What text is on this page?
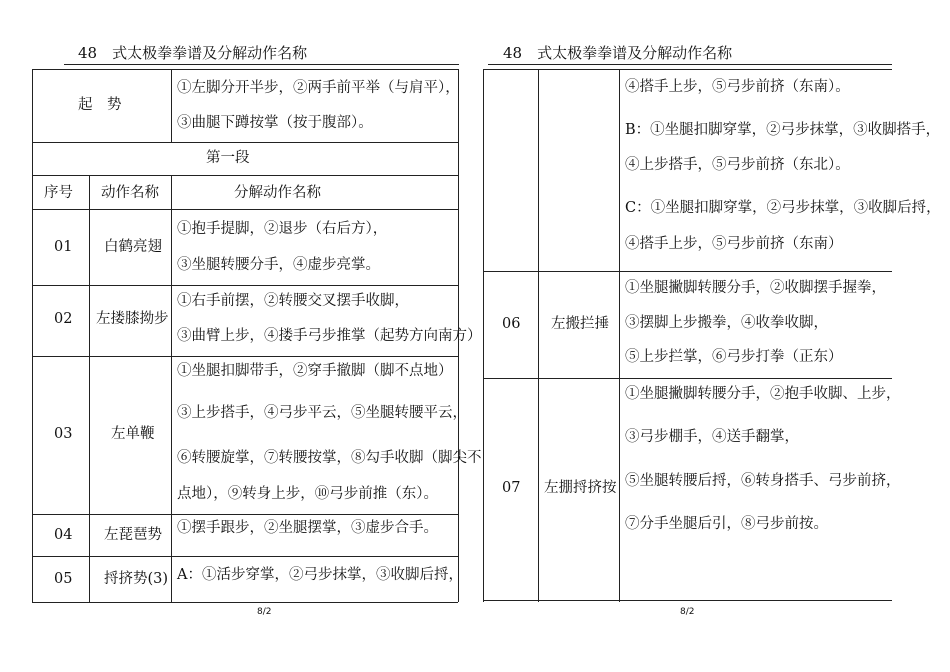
48　式太极拳拳谱及分解动作名称
起　势
①左脚分开半步，②两手前平举（与肩平），
③曲腿下蹲按掌（按于腹部）。
第一段
序号 动作名称	分解动作名称
01 白鹤亮翅
①抱手提脚，②退步（右后方），
③坐腿转腰分手，④虚步亮掌。
02 左搂膝拗步
①右手前摆，②转腰交叉摆手收脚，
③曲臂上步，④搂手弓步推掌（起势方向南方）
03	左单鞭
①坐腿扣脚带手，②穿手撤脚（脚不点地）
③上步搭手，④弓步平云，⑤坐腿转腰平云，
⑥转腰旋掌，⑦转腰按掌，⑧勾手收脚（脚尖不
点地），⑨转身上步，⑩弓步前推（东）。
04 左琵琶势 ①摆手跟步，②坐腿摆掌，③虚步合手。
05 捋挤势(3) A：①活步穿掌，②弓步抹掌，③收脚后捋，
8/2
48　式太极拳拳谱及分解动作名称
④搭手上步，⑤弓步前挤（东南）。
B：①坐腿扣脚穿掌，②弓步抹掌，③收脚搭手，
④上步搭手，⑤弓步前挤（东北）。
C：①坐腿扣脚穿掌，②弓步抹掌，③收脚后捋，
④搭手上步，⑤弓步前挤（东南）
06 左搬拦捶
①坐腿撇脚转腰分手，②收脚摆手握拳，
③摆脚上步搬拳，④收拳收脚，
⑤上步拦掌，⑥弓步打拳（正东）
07 左掤捋挤按
①坐腿撇脚转腰分手，②抱手收脚、上步，
③弓步棚手，④送手翻掌，
⑤坐腿转腰后捋，⑥转身搭手、弓步前挤，
⑦分手坐腿后引，⑧弓步前按。
8/2
